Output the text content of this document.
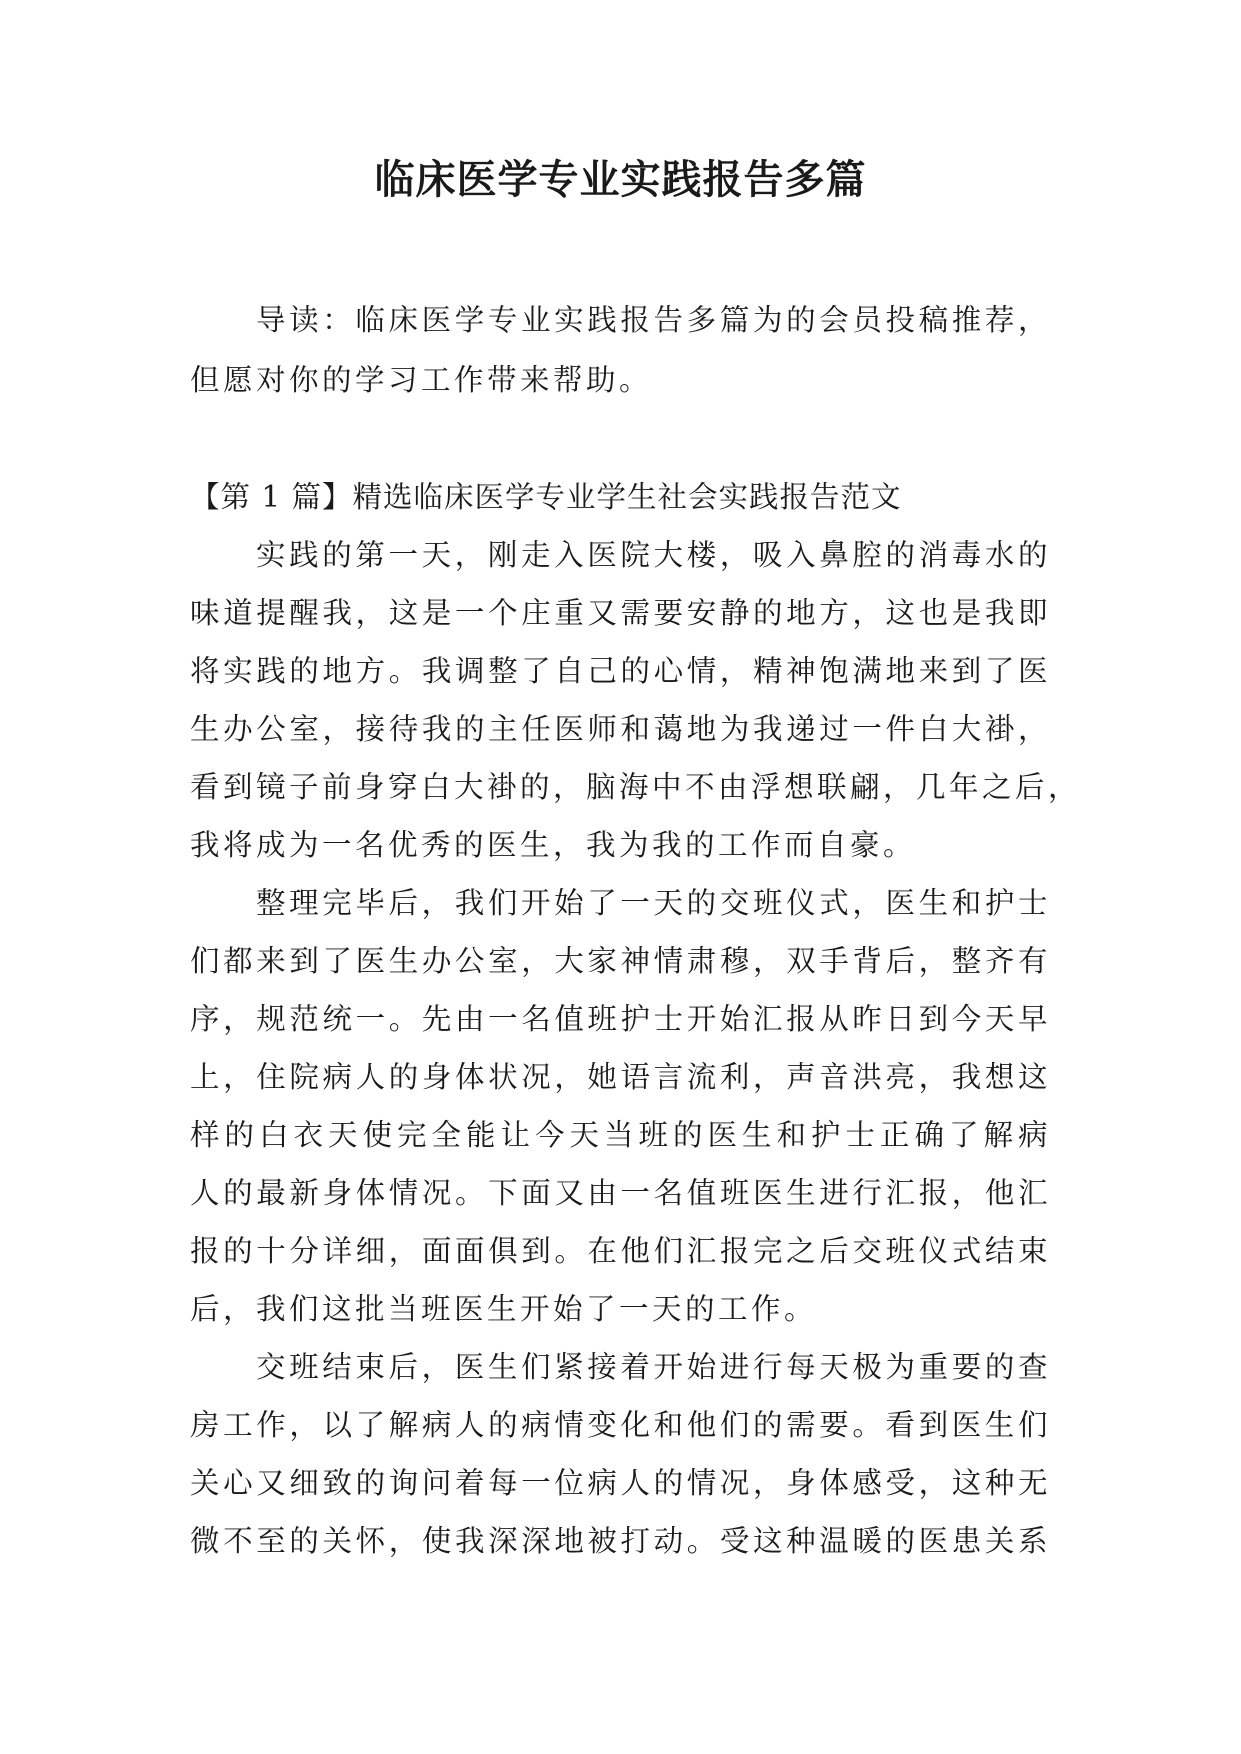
临床医学专业实践报告多篇

导读：临床医学专业实践报告多篇为的会员投稿推荐，
但愿对你的学习工作带来帮助。

【第 1 篇】精选临床医学专业学生社会实践报告范文

实践的第一天，刚走入医院大楼，吸入鼻腔的消毒水的
味道提醒我，这是一个庄重又需要安静的地方，这也是我即
将实践的地方。我调整了自己的心情，精神饱满地来到了医
生办公室，接待我的主任医师和蔼地为我递过一件白大褂，
看到镜子前身穿白大褂的，脑海中不由浮想联翩，几年之后，
我将成为一名优秀的医生，我为我的工作而自豪。

整理完毕后，我们开始了一天的交班仪式，医生和护士
们都来到了医生办公室，大家神情肃穆，双手背后，整齐有
序，规范统一。先由一名值班护士开始汇报从昨日到今天早
上，住院病人的身体状况，她语言流利，声音洪亮，我想这
样的白衣天使完全能让今天当班的医生和护士正确了解病
人的最新身体情况。下面又由一名值班医生进行汇报，他汇
报的十分详细，面面俱到。在他们汇报完之后交班仪式结束
后，我们这批当班医生开始了一天的工作。

交班结束后，医生们紧接着开始进行每天极为重要的查
房工作，以了解病人的病情变化和他们的需要。看到医生们
关心又细致的询问着每一位病人的情况，身体感受，这种无
微不至的关怀，使我深深地被打动。受这种温暖的医患关系
